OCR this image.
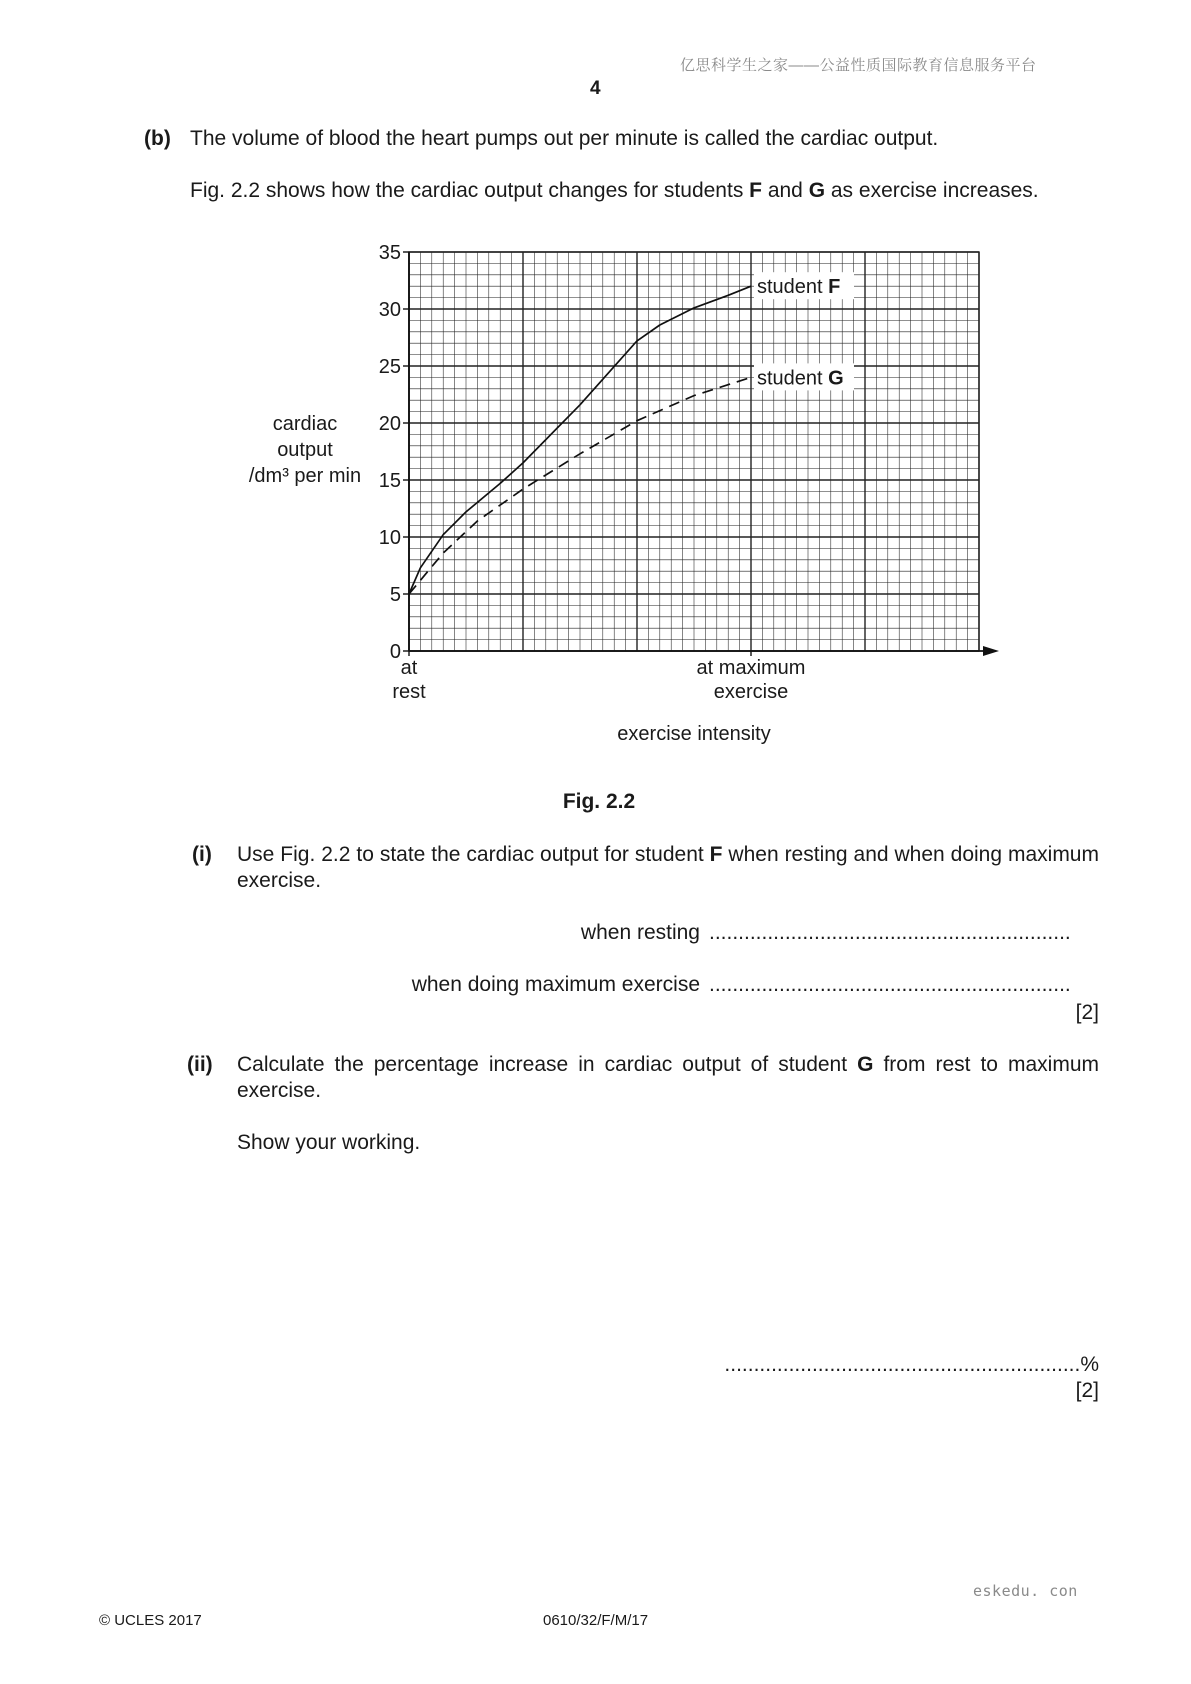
亿思科学生之家——公益性质国际教育信息服务平台
4
(b) The volume of blood the heart pumps out per minute is called the cardiac output.
Fig. 2.2 shows how the cardiac output changes for students F and G as exercise increases.
0
5
10
15
20
25
30
35
at
rest
at maximum
exercise
exercise intensity
cardiac
output
/dm³ per min
student F
student G
Fig. 2.2
(i) Use Fig. 2.2 to state the cardiac output for student F when resting and when doing maximum exercise.
when resting ..............................................................
when doing maximum exercise ..............................................................
[2]
(ii) Calculate the percentage increase in cardiac output of student G from rest to maximum exercise.
Show your working.
.............................................................%
[2]
eskedu. con
© UCLES 2017	0610/32/F/M/17
